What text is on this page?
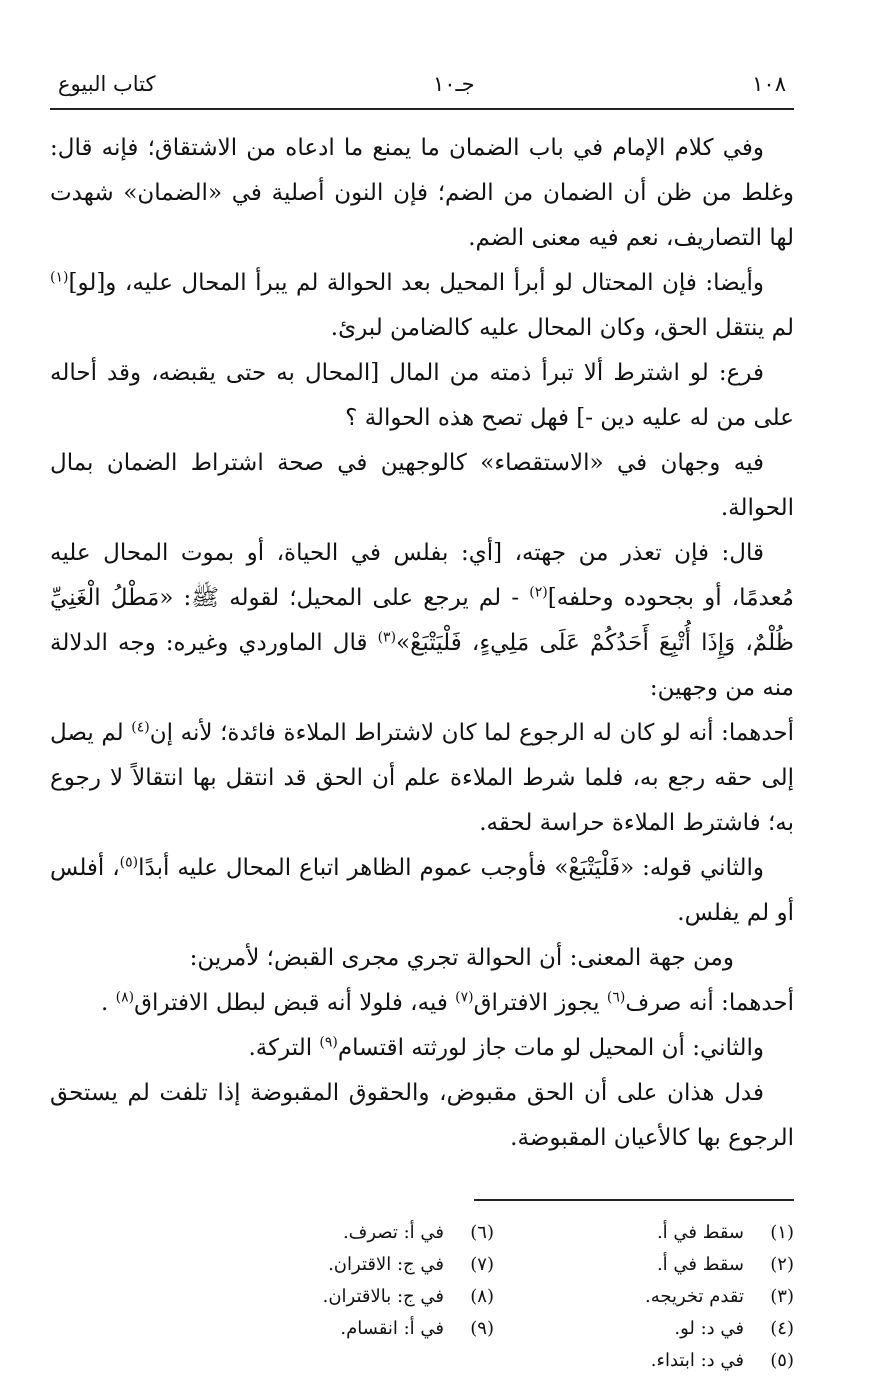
١٠٨
جـ١٠
كتاب البيوع

وفي كلام الإمام في باب الضمان ما يمنع ما ادعاه من الاشتقاق؛ فإنه قال: وغلط من ظن أن الضمان من الضم؛ فإن النون أصلية في «الضمان» شهدت لها التصاريف، نعم فيه معنى الضم.

وأيضا: فإن المحتال لو أبرأ المحيل بعد الحوالة لم يبرأ المحال عليه، و[لو]$^{(١)}$ لم ينتقل الحق، وكان المحال عليه كالضامن لبرئ.

فرع: لو اشترط ألا تبرأ ذمته من المال [المحال به حتى يقبضه، وقد أحاله على من له عليه دين -] فهل تصح هذه الحوالة ؟

فيه وجهان في «الاستقصاء» كالوجهين في صحة اشتراط الضمان بمال الحوالة.

قال: فإن تعذر من جهته، [أي: بفلس في الحياة، أو بموت المحال عليه مُعدمًا، أو بجحوده وحلفه]$^{(٢)}$ - لم يرجع على المحيل؛ لقوله ﷺ: «مَطْلُ الْغَنِيِّ ظُلْمٌ، وَإِذَا أُتْبِعَ أَحَدُكُمْ عَلَى مَلِيءٍ، فَلْيَتْبَعْ»$^{(٣)}$ قال الماوردي وغيره: وجه الدلالة منه من وجهين:

أحدهما: أنه لو كان له الرجوع لما كان لاشتراط الملاءة فائدة؛ لأنه إن$^{(٤)}$ لم يصل إلى حقه رجع به، فلما شرط الملاءة علم أن الحق قد انتقل بها انتقالاً لا رجوع به؛ فاشترط الملاءة حراسة لحقه.

والثاني قوله: «فَلْيَتْبَعْ» فأوجب عموم الظاهر اتباع المحال عليه أبدًا$^{(٥)}$، أفلس أو لم يفلس.

ومن جهة المعنى: أن الحوالة تجري مجرى القبض؛ لأمرين:

أحدهما: أنه صرف$^{(٦)}$ يجوز الافتراق$^{(٧)}$ فيه، فلولا أنه قبض لبطل الافتراق$^{(٨)}$ .

والثاني: أن المحيل لو مات جاز لورثته اقتسام$^{(٩)}$ التركة.

فدل هذان على أن الحق مقبوض، والحقوق المقبوضة إذا تلفت لم يستحق الرجوع بها كالأعيان المقبوضة.

(١)
سقط في أ.
(٢)
سقط في أ.
(٣)
تقدم تخريجه.
(٤)
في د: لو.
(٥)
في د: ابتداء.
(٦)
في أ: تصرف.
(٧)
في ج: الاقتران.
(٨)
في ج: بالاقتران.
(٩)
في أ: انقسام.
